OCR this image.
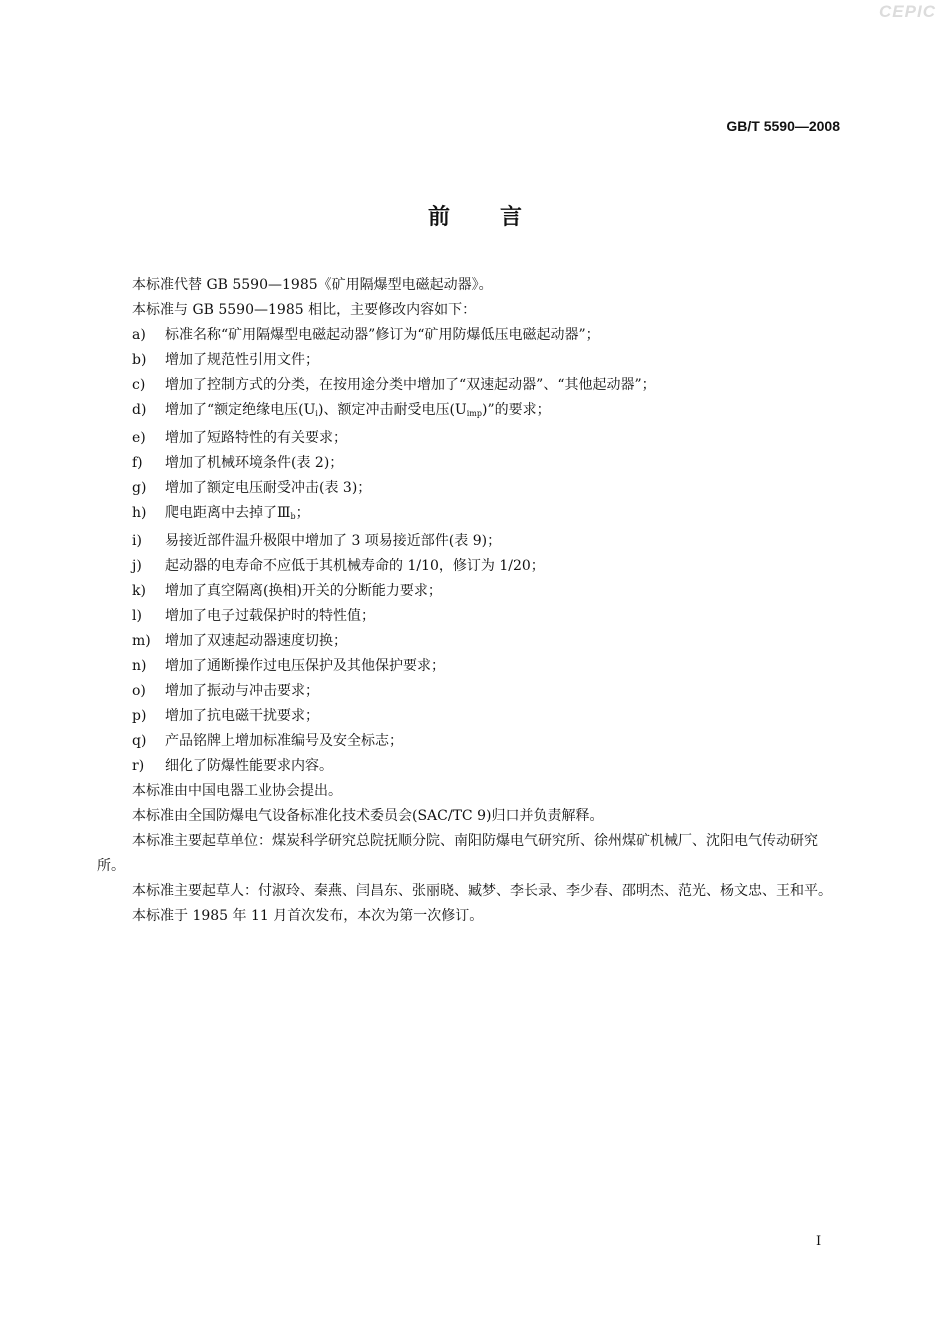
CEPIC
GB/T 5590—2008
前言

本标准代替 GB 5590—1985《矿用隔爆型电磁起动器》。

本标准与 GB 5590—1985 相比，主要修改内容如下：

a)	标准名称“矿用隔爆型电磁起动器”修订为“矿用防爆低压电磁起动器”；
b)	增加了规范性引用文件；
c)	增加了控制方式的分类，在按用途分类中增加了“双速起动器”、“其他起动器”；
d)	增加了“额定绝缘电压$(U_i)$、额定冲击耐受电压$(U_{imp})$”的要求；
e)	增加了短路特性的有关要求；
f)	增加了机械环境条件(表 2)；
g)	增加了额定电压耐受冲击(表 3)；
h)	爬电距离中去掉了$Ⅲ_b$；
i)	易接近部件温升极限中增加了 3 项易接近部件(表 9)；
j)	起动器的电寿命不应低于其机械寿命的 1/10，修订为 1/20；
k)	增加了真空隔离(换相)开关的分断能力要求；
l)	增加了电子过载保护时的特性值；
m)	增加了双速起动器速度切换；
n)	增加了通断操作过电压保护及其他保护要求；
o)	增加了振动与冲击要求；
p)	增加了抗电磁干扰要求；
q)	产品铭牌上增加标准编号及安全标志；
r)	细化了防爆性能要求内容。

本标准由中国电器工业协会提出。

本标准由全国防爆电气设备标准化技术委员会(SAC/TC 9)归口并负责解释。

本标准主要起草单位：煤炭科学研究总院抚顺分院、南阳防爆电气研究所、徐州煤矿机械厂、沈阳电气传动研究所。

本标准主要起草人：付淑玲、秦燕、闫昌东、张丽晓、臧梦、李长录、李少春、邵明杰、范光、杨文忠、王和平。

本标准于 1985 年 11 月首次发布，本次为第一次修订。

I
